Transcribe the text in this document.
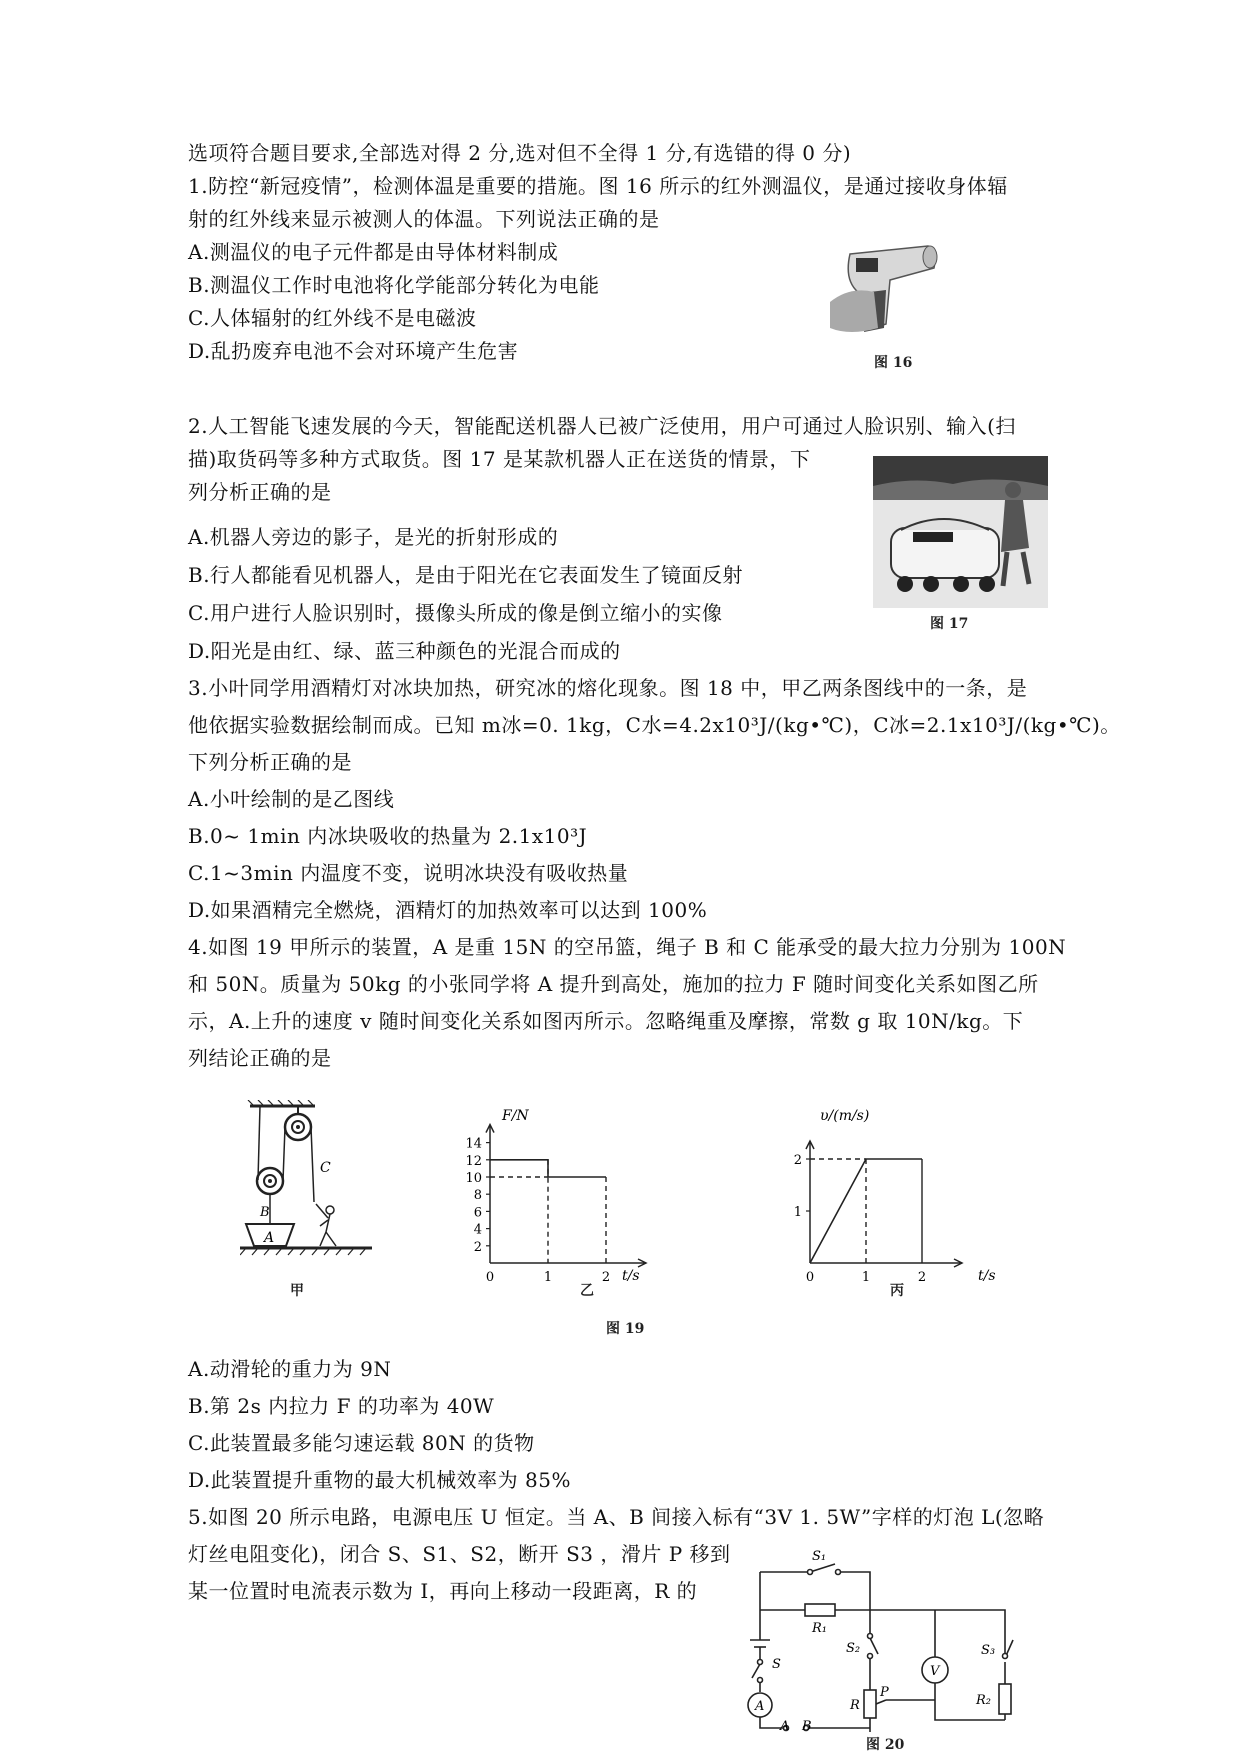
选项符合题目要求,全部选对得 2 分,选对但不全得 1 分,有选错的得 0 分)
1.防控“新冠疫情”，检测体温是重要的措施。图 16 所示的红外测温仪，是通过接收身体辐
射的红外线来显示被测人的体温。下列说法正确的是
A.测温仪的电子元件都是由导体材料制成
B.测温仪工作时电池将化学能部分转化为电能
C.人体辐射的红外线不是电磁波
D.乱扔废弃电池不会对环境产生危害	图 16
2.人工智能飞速发展的今天，智能配送机器人已被广泛使用，用户可通过人脸识别、输入(扫
描)取货码等多种方式取货。图 17 是某款机器人正在送货的情景，下
列分析正确的是
A.机器人旁边的影子，是光的折射形成的
B.行人都能看见机器人，是由于阳光在它表面发生了镜面反射
C.用户进行人脸识别时，摄像头所成的像是倒立缩小的实像
D.阳光是由红、绿、蓝三种颜色的光混合而成的
图 17
3.小叶同学用酒精灯对冰块加热，研究冰的熔化现象。图 18 中，甲乙两条图线中的一条，是
他依据实验数据绘制而成。已知 m冰=0. 1kg，C水=4.2x10³J/(kg•℃)，C冰=2.1x10³J/(kg•℃)。
下列分析正确的是
A.小叶绘制的是乙图线
B.0~ 1min 内冰块吸收的热量为 2.1x10³J
C.1~3min 内温度不变，说明冰块没有吸收热量
D.如果酒精完全燃烧，酒精灯的加热效率可以达到 100%
4.如图 19 甲所示的装置，A 是重 15N 的空吊篮，绳子 B 和 C 能承受的最大拉力分别为 100N
和 50N。质量为 50kg 的小张同学将 A 提升到高处，施加的拉力 F 随时间变化关系如图乙所
示，A.上升的速度 v 随时间变化关系如图丙所示。忽略绳重及摩擦，常数 g 取 10N/kg。下
列结论正确的是
B
A
C
甲
2
4
6
8
10
12
14
0	1	2
F/N
t/s
乙
1
2
0	1	2
υ/(m/s)
t/s
丙
图 19
A.动滑轮的重力为 9N
B.第 2s 内拉力 F 的功率为 40W
C.此装置最多能匀速运载 80N 的货物
D.此装置提升重物的最大机械效率为 85%
5.如图 20 所示电路，电源电压 U 恒定。当 A、B 间接入标有“3V 1. 5W”字样的灯泡 L(忽略
灯丝电阻变化)，闭合 S、S1、S2，断开 S3 ，滑片 P 移到
某一位置时电流表示数为 I，再向上移动一段距离，R 的
S₁
R₁
S₂	S₃
S	V
A	R
P
R₂
A B
图 20
